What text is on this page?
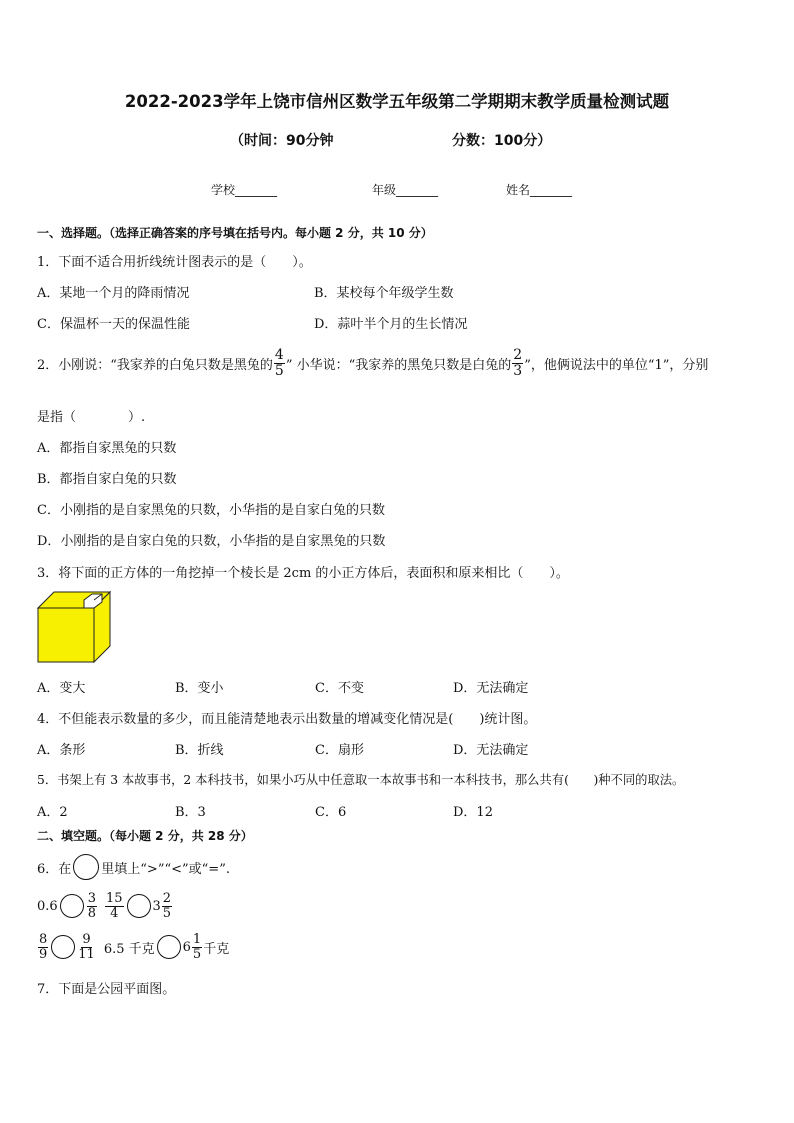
2022-2023学年上饶市信州区数学五年级第二学期期末教学质量检测试题
（时间：90分钟	分数：100分）
学校_______	年级_______	姓名_______
一、选择题。（选择正确答案的序号填在括号内。每小题 2 分，共 10 分）
1．下面不适合用折线统计图表示的是（　　）。
A．某地一个月的降雨情况	B．某校每个年级学生数
C．保温杯一天的保温性能	D．蒜叶半个月的生长情况
2．小刚说：“我家养的白兔只数是黑兔的 $\frac{4}{5}$ ” 小华说：“我家养的黑兔只数是白兔的 $\frac{2}{3}$ ”，他俩说法中的单位“1”，分别
是指（　　　　）.
A．都指自家黑兔的只数
B．都指自家白兔的只数
C．小刚指的是自家黑兔的只数，小华指的是自家白兔的只数
D．小刚指的是自家白兔的只数，小华指的是自家黑兔的只数
3．将下面的正方体的一角挖掉一个棱长是 2cm 的小正方体后，表面积和原来相比（　　）。
A．变大	B．变小	C．不变	D．无法确定
4．不但能表示数量的多少，而且能清楚地表示出数量的增减变化情况是(　　)统计图。
A．条形	B．折线	C．扇形	D．无法确定
5．书架上有 3 本故事书，2 本科技书，如果小巧从中任意取一本故事书和一本科技书，那么共有(　　)种不同的取法。
A．2	B．3	C．6	D．12
二、填空题。（每小题 2 分，共 28 分）
6．在 里填上“>”“<”或“=”.
$0.6 \frac{3}{8} \frac{15}{4} 3 \frac{2}{5}$
$\frac{8}{9} \frac{9}{11} 6.5$ 千克 $6 \frac{1}{5}$ 千克
7．下面是公园平面图。
